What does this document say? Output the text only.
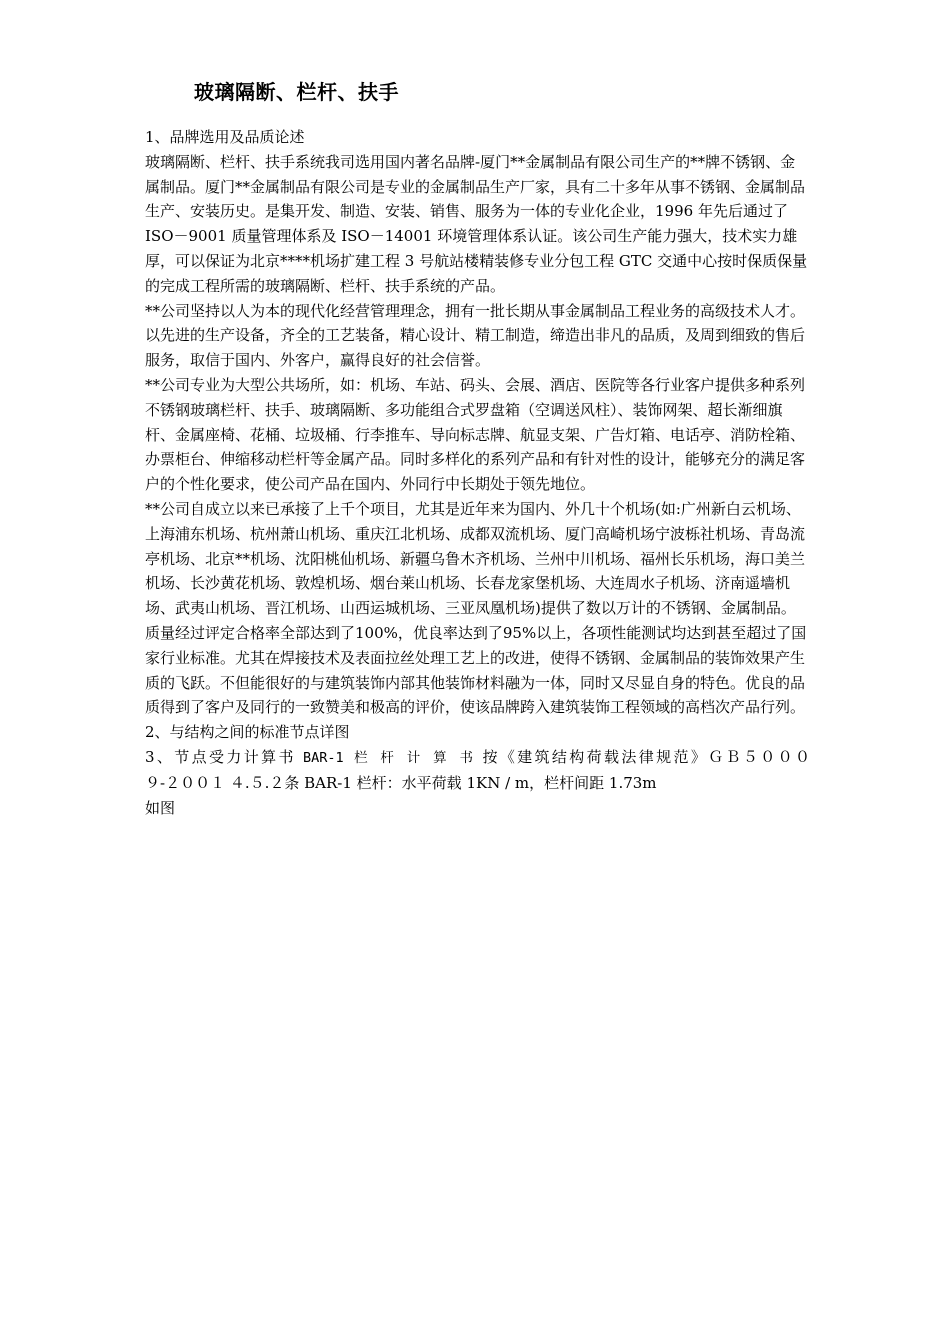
玻璃隔断、栏杆、扶手

1、品牌选用及品质论述

玻璃隔断、栏杆、扶手系统我司选用国内著名品牌-厦门**金属制品有限公司生产的**牌不锈钢、金属制品。厦门**金属制品有限公司是专业的金属制品生产厂家，具有二十多年从事不锈钢、金属制品生产、安装历史。是集开发、制造、安装、销售、服务为一体的专业化企业，1996 年先后通过了 ISO－9001 质量管理体系及 ISO－14001 环境管理体系认证。该公司生产能力强大，技术实力雄厚，可以保证为北京****机场扩建工程 3 号航站楼精装修专业分包工程 GTC 交通中心按时保质保量的完成工程所需的玻璃隔断、栏杆、扶手系统的产品。

**公司坚持以人为本的现代化经营管理理念，拥有一批长期从事金属制品工程业务的高级技术人才。以先进的生产设备，齐全的工艺装备，精心设计、精工制造，缔造出非凡的品质，及周到细致的售后服务，取信于国内、外客户，赢得良好的社会信誉。

**公司专业为大型公共场所，如：机场、车站、码头、会展、酒店、医院等各行业客户提供多种系列不锈钢玻璃栏杆、扶手、玻璃隔断、多功能组合式罗盘箱（空调送风柱）、装饰网架、超长渐细旗杆、金属座椅、花桶、垃圾桶、行李推车、导向标志牌、航显支架、广告灯箱、电话亭、消防栓箱、办票柜台、伸缩移动栏杆等金属产品。同时多样化的系列产品和有针对性的设计，能够充分的满足客户的个性化要求，使公司产品在国内、外同行中长期处于领先地位。

**公司自成立以来已承接了上千个项目，尤其是近年来为国内、外几十个机场(如:广州新白云机场、上海浦东机场、杭州萧山机场、重庆江北机场、成都双流机场、厦门高崎机场宁波栎社机场、青岛流亭机场、北京**机场、沈阳桃仙机场、新疆乌鲁木齐机场、兰州中川机场、福州长乐机场，海口美兰机场、长沙黄花机场、敦煌机场、烟台莱山机场、长春龙家堡机场、大连周水子机场、济南遥墙机场、武夷山机场、晋江机场、山西运城机场、三亚凤凰机场)提供了数以万计的不锈钢、金属制品。质量经过评定合格率全部达到了100%，优良率达到了95%以上，各项性能测试均达到甚至超过了国家行业标准。尤其在焊接技术及表面拉丝处理工艺上的改进，使得不锈钢、金属制品的装饰效果产生质的飞跃。不但能很好的与建筑装饰内部其他装饰材料融为一体，同时又尽显自身的特色。优良的品质得到了客户及同行的一致赞美和极高的评价，使该品牌跨入建筑装饰工程领域的高档次产品行列。

2、与结构之间的标准节点详图

3、节点受力计算书 BAR-1 栏 杆 计 算 书 按《建筑结构荷载法律规范》ＧＢ５０００

９-２００１ ４.５.２条 BAR-1 栏杆：水平荷载 1KN / m，栏杆间距 1.73m

如图
